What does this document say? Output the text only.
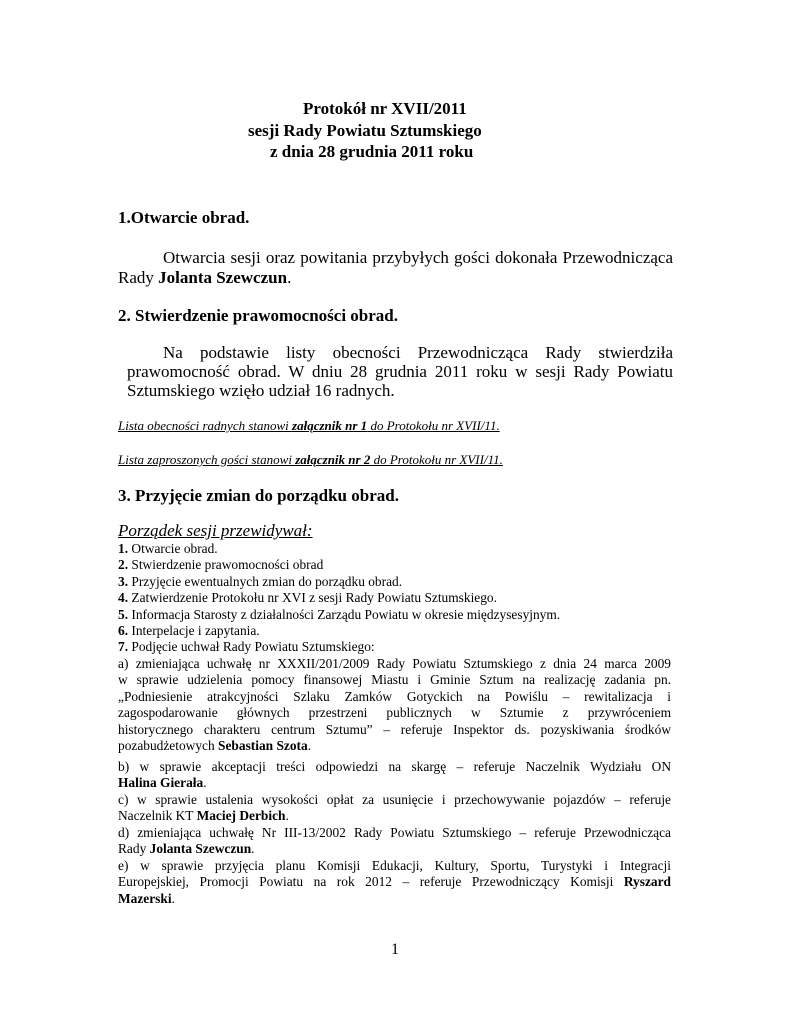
Protokół nr XVII/2011
sesji Rady Powiatu Sztumskiego
z dnia 28 grudnia 2011 roku
1.Otwarcie obrad.
Otwarcia sesji oraz powitania przybyłych gości dokonała Przewodnicząca
Rady Jolanta Szewczun.
2. Stwierdzenie prawomocności obrad.
Na podstawie listy obecności Przewodnicząca Rady stwierdziła
prawomocność obrad. W dniu 28 grudnia 2011 roku w sesji Rady Powiatu
Sztumskiego wzięło udział 16 radnych.
Lista obecności radnych stanowi załącznik nr 1 do Protokołu nr XVII/11.
Lista zaproszonych gości stanowi załącznik nr 2 do Protokołu nr XVII/11.
3. Przyjęcie zmian do porządku obrad.
Porządek sesji przewidywał:
1. Otwarcie obrad.
2. Stwierdzenie prawomocności obrad
3. Przyjęcie ewentualnych zmian do porządku obrad.
4. Zatwierdzenie Protokołu nr XVI z sesji Rady Powiatu Sztumskiego.
5. Informacja Starosty z działalności Zarządu Powiatu w okresie międzysesyjnym.
6. Interpelacje i zapytania.
7. Podjęcie uchwał Rady Powiatu Sztumskiego:
a) zmieniająca uchwałę nr XXXII/201/2009 Rady Powiatu Sztumskiego z dnia 24 marca 2009
w sprawie udzielenia pomocy finansowej Miastu i Gminie Sztum na realizację zadania pn.
„Podniesienie atrakcyjności Szlaku Zamków Gotyckich na Powiślu – rewitalizacja i
zagospodarowanie głównych przestrzeni publicznych w Sztumie z przywróceniem
historycznego charakteru centrum Sztumu” – referuje Inspektor ds. pozyskiwania środków
pozabudżetowych Sebastian Szota.
b) w sprawie akceptacji treści odpowiedzi na skargę – referuje Naczelnik Wydziału ON
Halina Gierała.
c) w sprawie ustalenia wysokości opłat za usunięcie i przechowywanie pojazdów – referuje
Naczelnik KT Maciej Derbich.
d) zmieniająca uchwałę Nr III-13/2002 Rady Powiatu Sztumskiego – referuje Przewodnicząca
Rady Jolanta Szewczun.
e) w sprawie przyjęcia planu Komisji Edukacji, Kultury, Sportu, Turystyki i Integracji
Europejskiej, Promocji Powiatu na rok 2012 – referuje Przewodniczący Komisji Ryszard
Mazerski.
1
